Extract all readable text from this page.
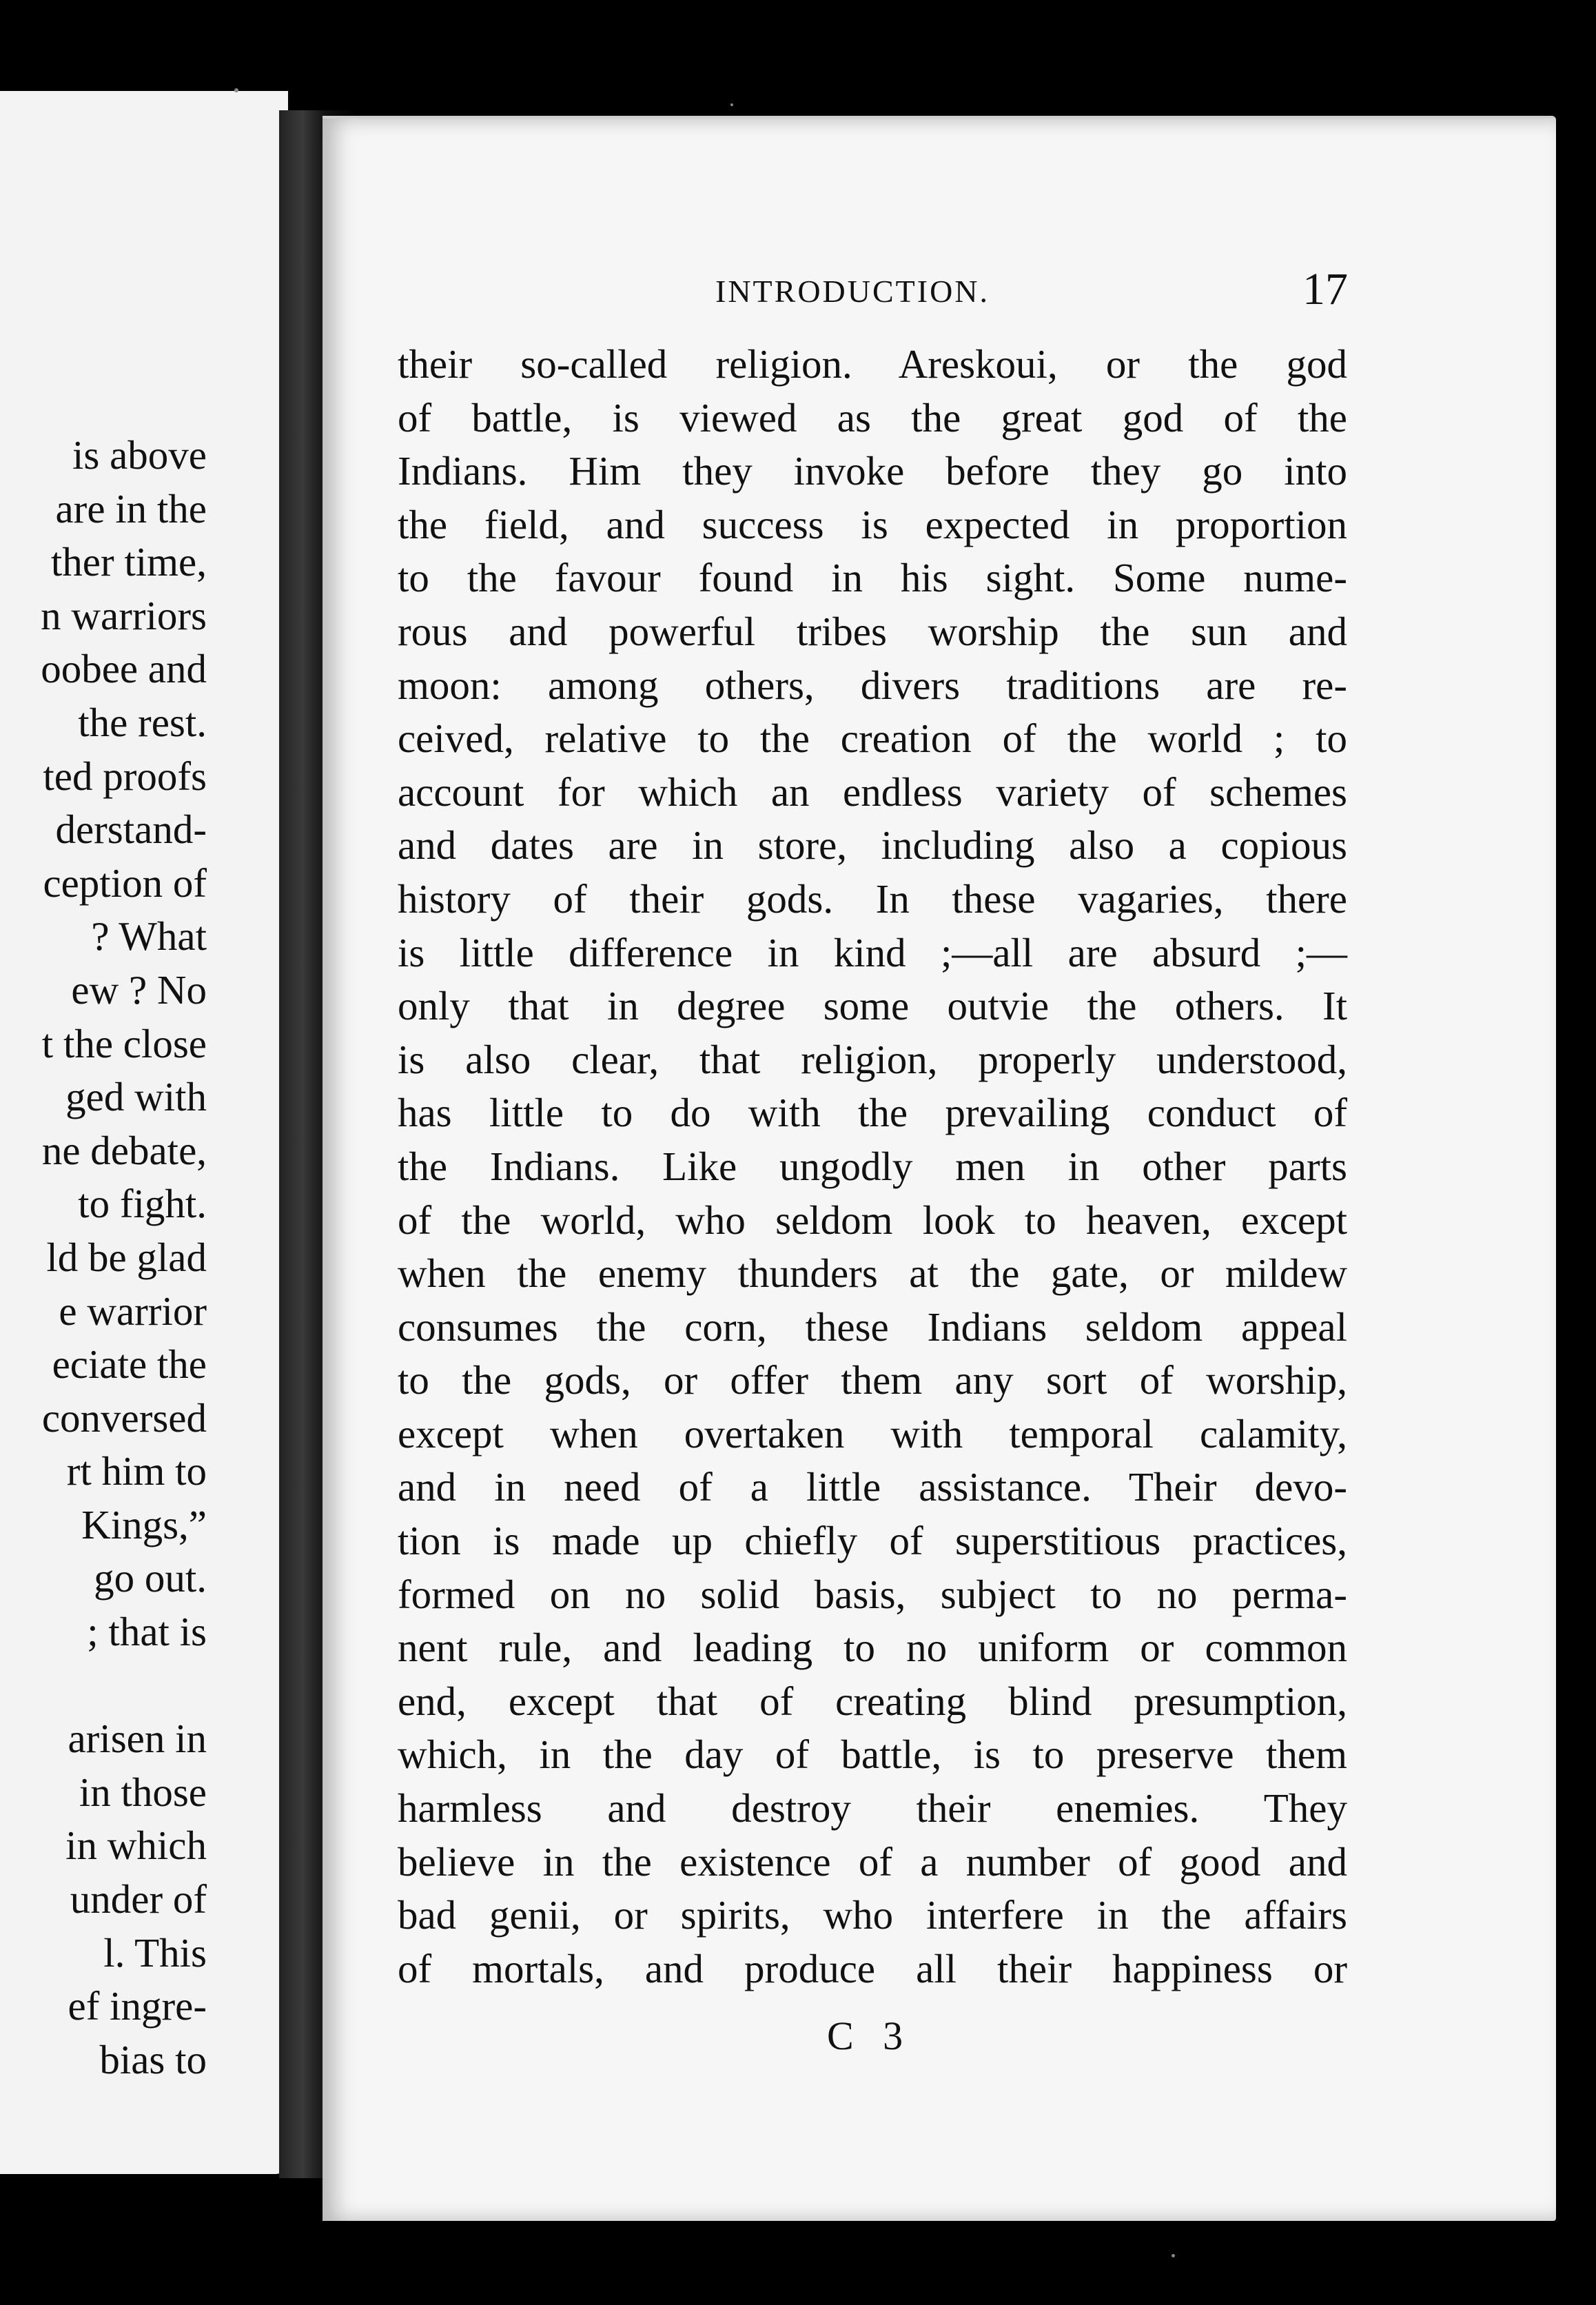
is above
are in the
ther time,
n warriors
oobee and
the rest.
ted proofs
derstand-
ception of
? What
ew ? No
t the close
ged with
ne debate,
to fight.
ld be glad
e warrior
eciate the
conversed
rt him to
Kings,”
go out.
; that is
arisen in
in those
in which
under of
l. This
ef ingre-
bias to
INTRODUCTION.	17
their so-called religion. Areskoui, or the god
of battle, is viewed as the great god of the
Indians. Him they invoke before they go into
the field, and success is expected in proportion
to the favour found in his sight. Some nume-
rous and powerful tribes worship the sun and
moon: among others, divers traditions are re-
ceived, relative to the creation of the world ; to
account for which an endless variety of schemes
and dates are in store, including also a copious
history of their gods. In these vagaries, there
is little difference in kind ;—all are absurd ;—
only that in degree some outvie the others. It
is also clear, that religion, properly understood,
has little to do with the prevailing conduct of
the Indians. Like ungodly men in other parts
of the world, who seldom look to heaven, except
when the enemy thunders at the gate, or mildew
consumes the corn, these Indians seldom appeal
to the gods, or offer them any sort of worship,
except when overtaken with temporal calamity,
and in need of a little assistance. Their devo-
tion is made up chiefly of superstitious practices,
formed on no solid basis, subject to no perma-
nent rule, and leading to no uniform or common
end, except that of creating blind presumption,
which, in the day of battle, is to preserve them
harmless and destroy their enemies. They
believe in the existence of a number of good and
bad genii, or spirits, who interfere in the affairs
of mortals, and produce all their happiness or
C 3
